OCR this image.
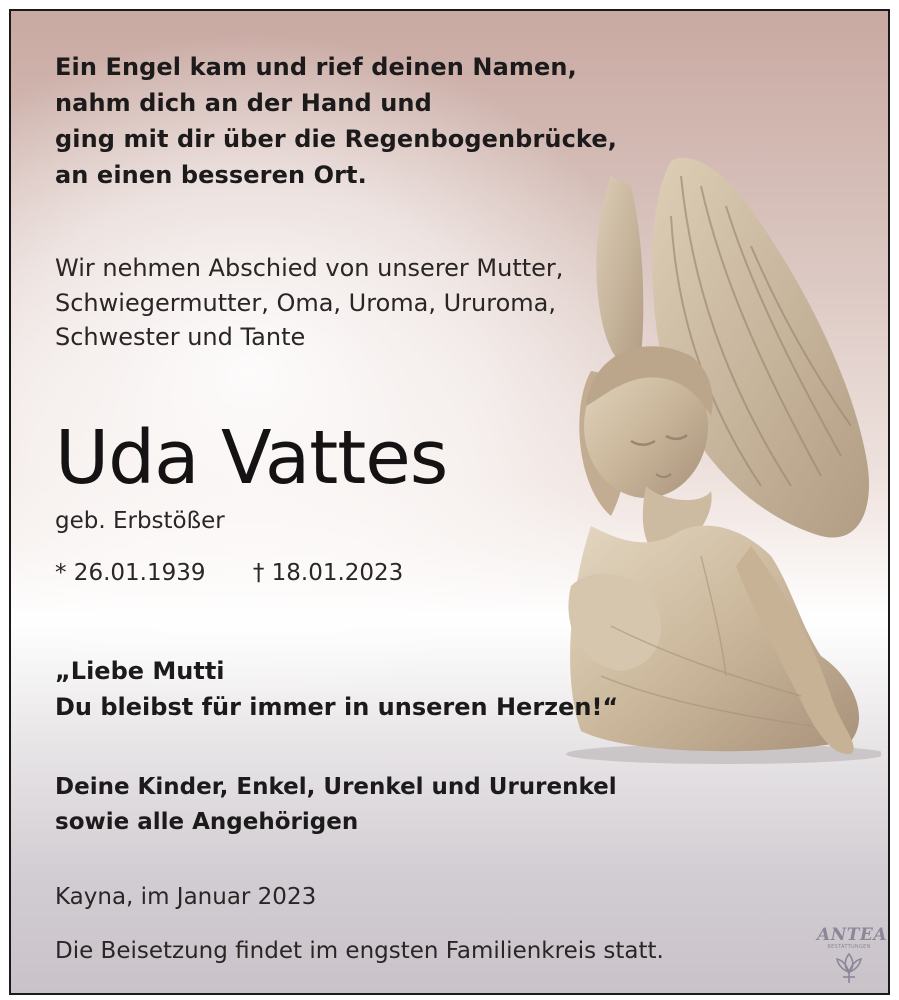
Ein Engel kam und rief deinen Namen,
nahm dich an der Hand und
ging mit dir über die Regenbogenbrücke,
an einen besseren Ort.
Wir nehmen Abschied von unserer Mutter,
Schwiegermutter, Oma, Uroma, Ururoma,
Schwester und Tante
Uda Vattes
geb. Erbstößer
* 26.01.1939 † 18.01.2023
„Liebe Mutti
Du bleibst für immer in unseren Herzen!“
Deine Kinder, Enkel, Urenkel und Ururenkel
sowie alle Angehörigen
Kayna, im Januar 2023
Die Beisetzung findet im engsten Familienkreis statt.
ANTEA
BESTATTUNGEN
